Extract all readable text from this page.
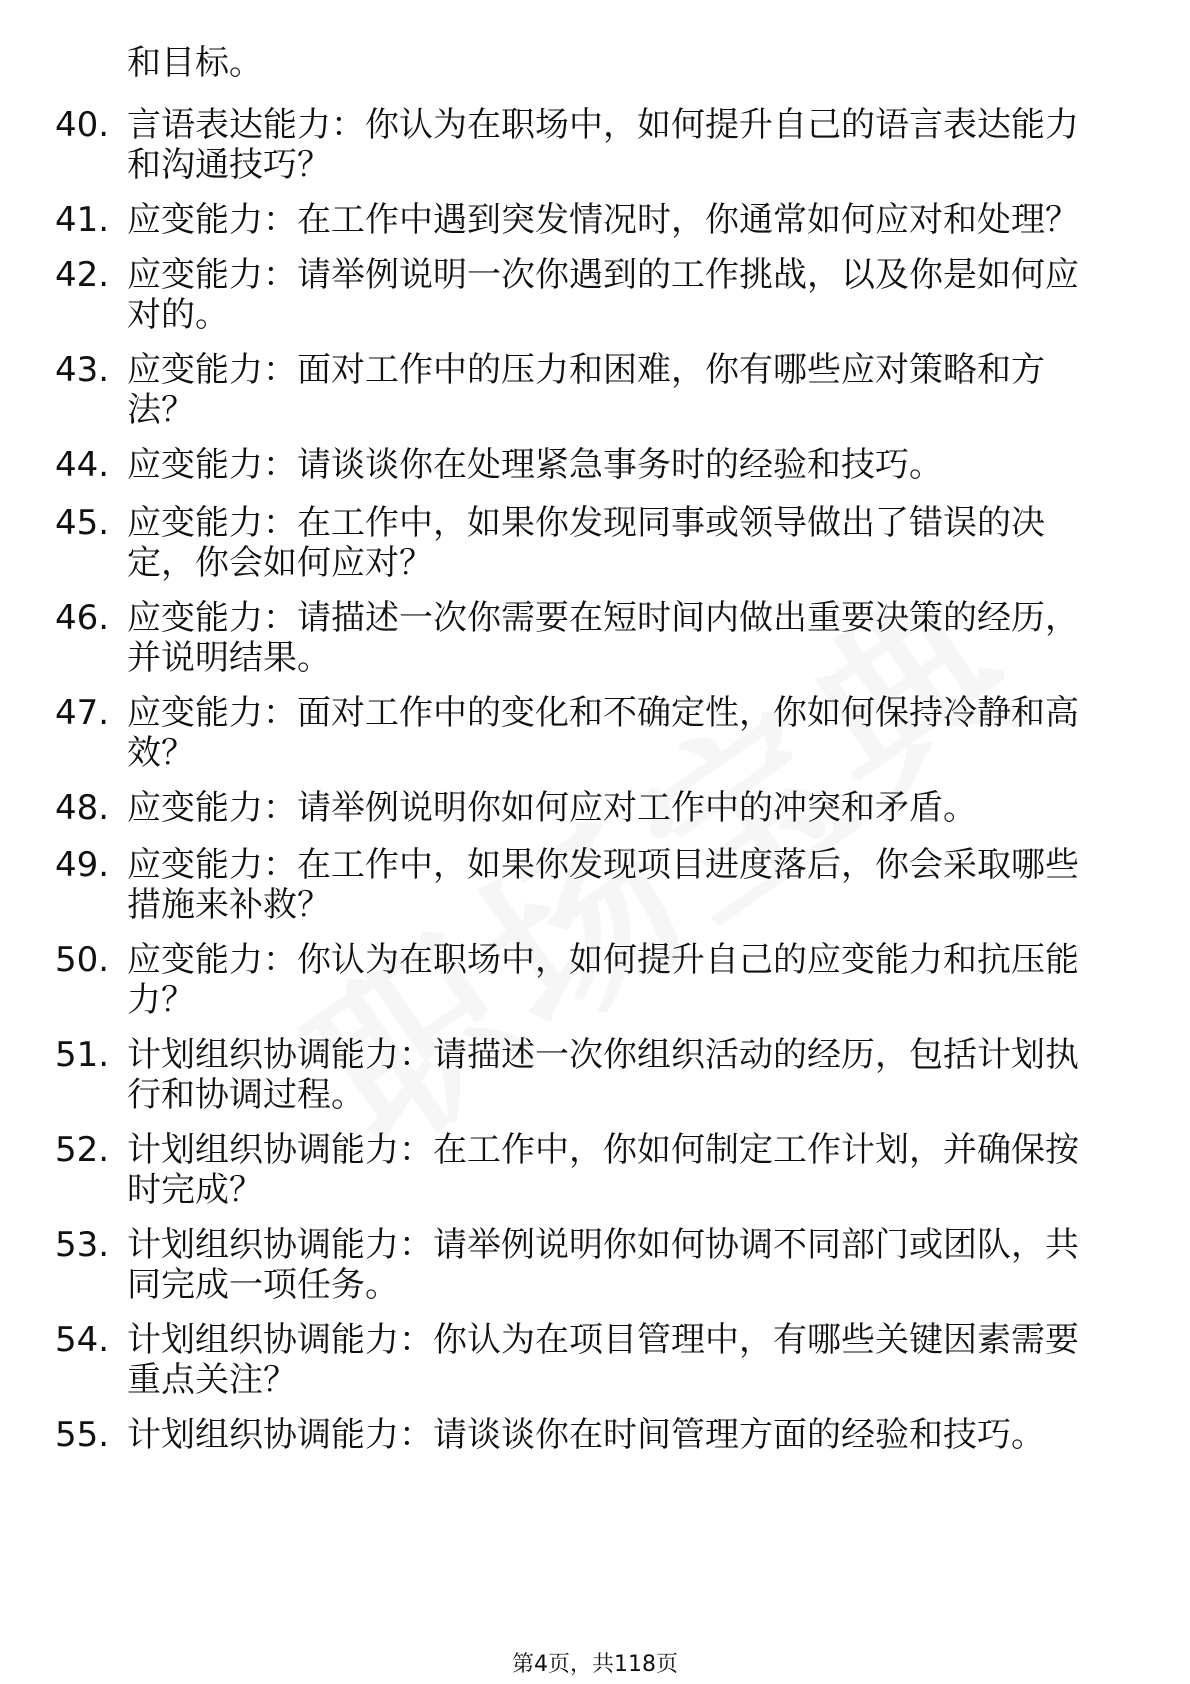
和目标。
40. 言语表达能力：你认为在职场中，如何提升自己的语言表达能力和沟通技巧？
41. 应变能力：在工作中遇到突发情况时，你通常如何应对和处理？
42. 应变能力：请举例说明一次你遇到的工作挑战，以及你是如何应对的。
43. 应变能力：面对工作中的压力和困难，你有哪些应对策略和方法？
44. 应变能力：请谈谈你在处理紧急事务时的经验和技巧。
45. 应变能力：在工作中，如果你发现同事或领导做出了错误的决定，你会如何应对？
46. 应变能力：请描述一次你需要在短时间内做出重要决策的经历，并说明结果。
47. 应变能力：面对工作中的变化和不确定性，你如何保持冷静和高效？
48. 应变能力：请举例说明你如何应对工作中的冲突和矛盾。
49. 应变能力：在工作中，如果你发现项目进度落后，你会采取哪些措施来补救？
50. 应变能力：你认为在职场中，如何提升自己的应变能力和抗压能力？
51. 计划组织协调能力：请描述一次你组织活动的经历，包括计划执行和协调过程。
52. 计划组织协调能力：在工作中，你如何制定工作计划，并确保按时完成？
53. 计划组织协调能力：请举例说明你如何协调不同部门或团队，共同完成一项任务。
54. 计划组织协调能力：你认为在项目管理中，有哪些关键因素需要重点关注？
55. 计划组织协调能力：请谈谈你在时间管理方面的经验和技巧。
第4页，共118页
